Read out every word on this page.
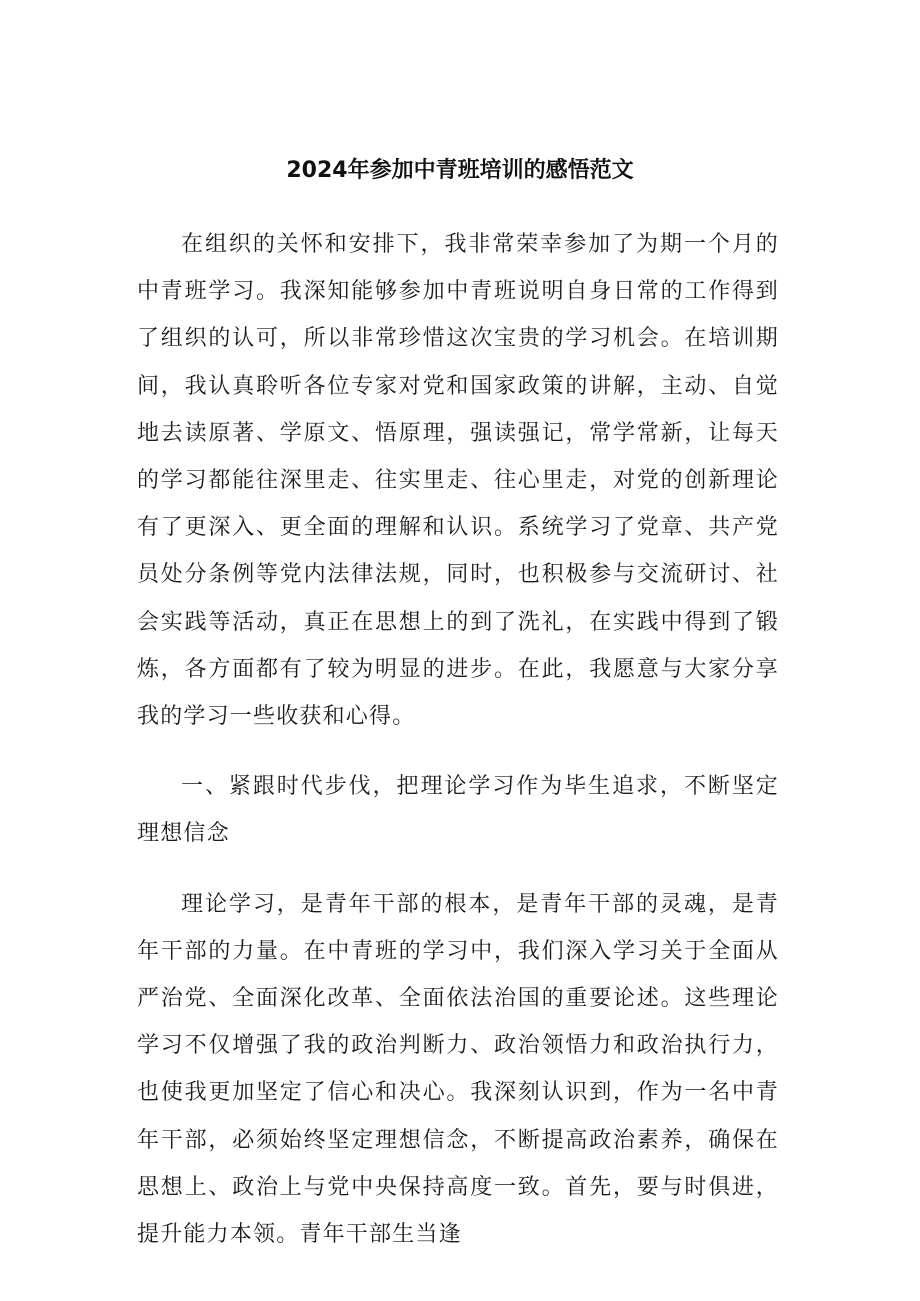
2024年参加中青班培训的感悟范文

在组织的关怀和安排下，我非常荣幸参加了为期一个月的中青班学习。我深知能够参加中青班说明自身日常的工作得到了组织的认可，所以非常珍惜这次宝贵的学习机会。在培训期间，我认真聆听各位专家对党和国家政策的讲解，主动、自觉地去读原著、学原文、悟原理，强读强记，常学常新，让每天的学习都能往深里走、往实里走、往心里走，对党的创新理论有了更深入、更全面的理解和认识。系统学习了党章、共产党员处分条例等党内法律法规，同时，也积极参与交流研讨、社会实践等活动，真正在思想上的到了洗礼，在实践中得到了锻炼，各方面都有了较为明显的进步。在此，我愿意与大家分享我的学习一些收获和心得。

一、紧跟时代步伐，把理论学习作为毕生追求，不断坚定理想信念

理论学习，是青年干部的根本，是青年干部的灵魂，是青年干部的力量。在中青班的学习中，我们深入学习关于全面从严治党、全面深化改革、全面依法治国的重要论述。这些理论学习不仅增强了我的政治判断力、政治领悟力和政治执行力，也使我更加坚定了信心和决心。我深刻认识到，作为一名中青年干部，必须始终坚定理想信念，不断提高政治素养，确保在思想上、政治上与党中央保持高度一致。首先，要与时俱进，提升能力本领。青年干部生当逢
